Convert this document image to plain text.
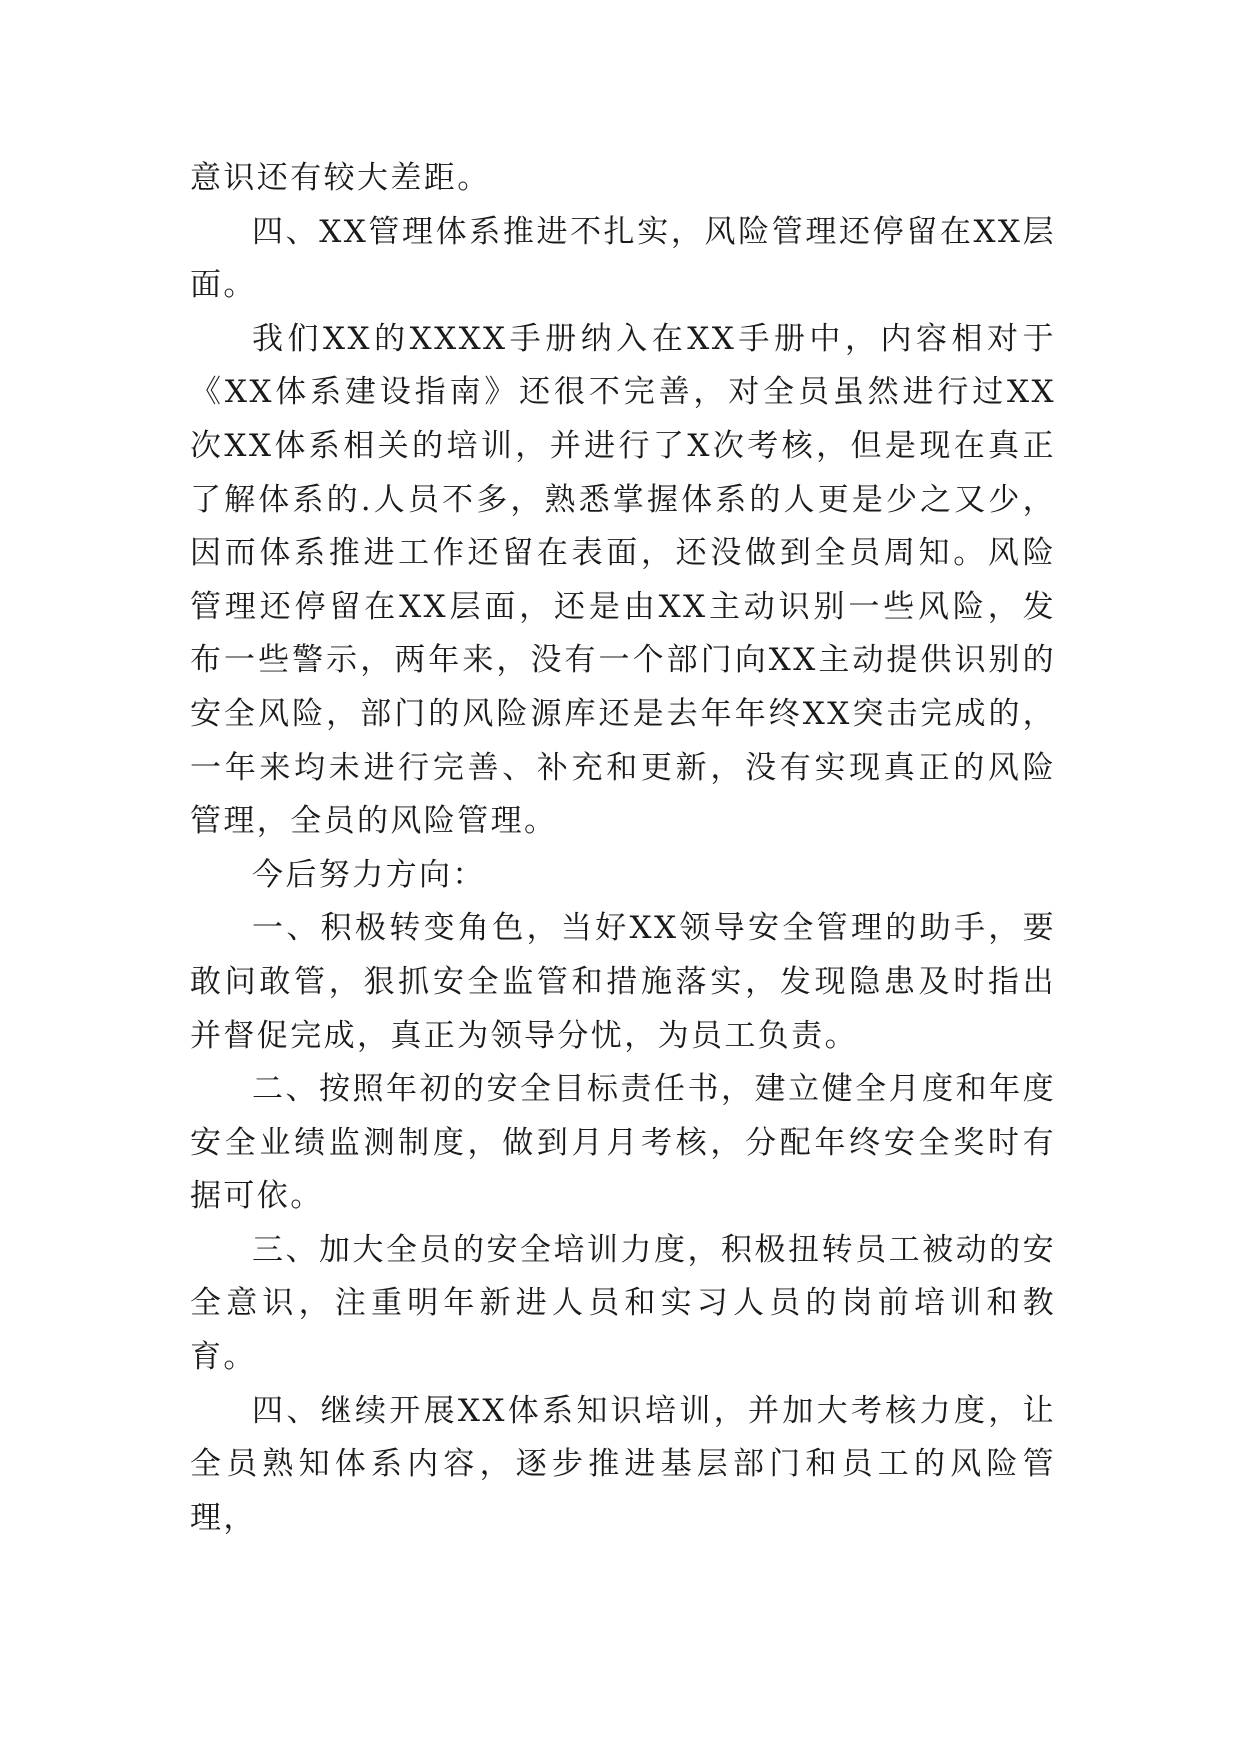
意识还有较大差距。

四、XX管理体系推进不扎实，风险管理还停留在XX层面。

我们XX的XXXX手册纳入在XX手册中，内容相对于《XX体系建设指南》还很不完善，对全员虽然进行过XX次XX体系相关的培训，并进行了X次考核，但是现在真正了解体系的.人员不多，熟悉掌握体系的人更是少之又少，因而体系推进工作还留在表面，还没做到全员周知。风险管理还停留在XX层面，还是由XX主动识别一些风险，发布一些警示，两年来，没有一个部门向XX主动提供识别的安全风险，部门的风险源库还是去年年终XX突击完成的，一年来均未进行完善、补充和更新，没有实现真正的风险管理，全员的风险管理。

今后努力方向：

一、积极转变角色，当好XX领导安全管理的助手，要敢问敢管，狠抓安全监管和措施落实，发现隐患及时指出并督促完成，真正为领导分忧，为员工负责。

二、按照年初的安全目标责任书，建立健全月度和年度安全业绩监测制度，做到月月考核，分配年终安全奖时有据可依。

三、加大全员的安全培训力度，积极扭转员工被动的安全意识，注重明年新进人员和实习人员的岗前培训和教育。

四、继续开展XX体系知识培训，并加大考核力度，让全员熟知体系内容，逐步推进基层部门和员工的风险管理，
